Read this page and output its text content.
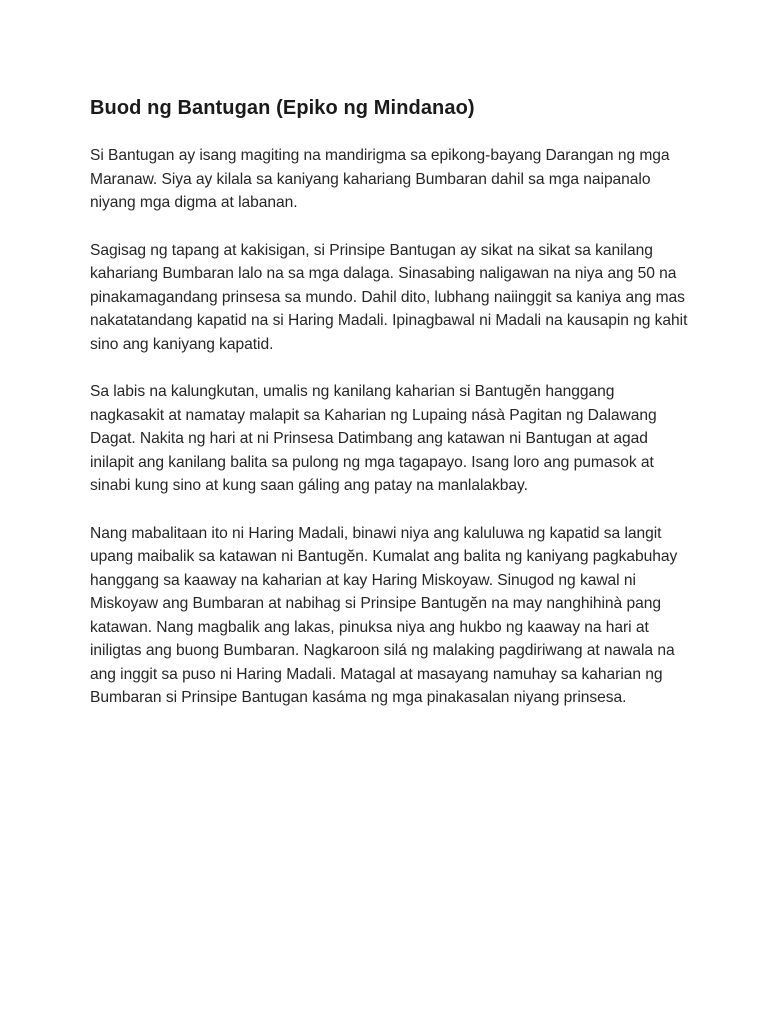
Buod ng Bantugan (Epiko ng Mindanao)

Si Bantugan ay isang magiting na mandirigma sa epikong-bayang Darangan ng mga Maranaw. Siya ay kilala sa kaniyang kahariang Bumbaran dahil sa mga naipanalo niyang mga digma at labanan.

Sagisag ng tapang at kakisigan, si Prinsipe Bantugan ay sikat na sikat sa kanilang kahariang Bumbaran lalo na sa mga dalaga. Sinasabing naligawan na niya ang 50 na pinakamagandang prinsesa sa mundo. Dahil dito, lubhang naiinggit sa kaniya ang mas nakatatandang kapatid na si Haring Madali. Ipinagbawal ni Madali na kausapin ng kahit sino ang kaniyang kapatid.

Sa labis na kalungkutan, umalis ng kanilang kaharian si Bantugĕn hanggang nagkasakit at namatay malapit sa Kaharian ng Lupaing násà Pagitan ng Dalawang Dagat. Nakita ng hari at ni Prinsesa Datimbang ang katawan ni Bantugan at agad inilapit ang kanilang balita sa pulong ng mga tagapayo. Isang loro ang pumasok at sinabi kung sino at kung saan gáling ang patay na manlalakbay.

Nang mabalitaan ito ni Haring Madali, binawi niya ang kaluluwa ng kapatid sa langit upang maibalik sa katawan ni Bantugĕn. Kumalat ang balita ng kaniyang pagkabuhay hanggang sa kaaway na kaharian at kay Haring Miskoyaw. Sinugod ng kawal ni Miskoyaw ang Bumbaran at nabihag si Prinsipe Bantugĕn na may nanghihinà pang katawan. Nang magbalik ang lakas, pinuksa niya ang hukbo ng kaaway na hari at iniligtas ang buong Bumbaran. Nagkaroon silá ng malaking pagdiriwang at nawala na ang inggit sa puso ni Haring Madali. Matagal at masayang namuhay sa kaharian ng Bumbaran si Prinsipe Bantugan kasáma ng mga pinakasalan niyang prinsesa.
